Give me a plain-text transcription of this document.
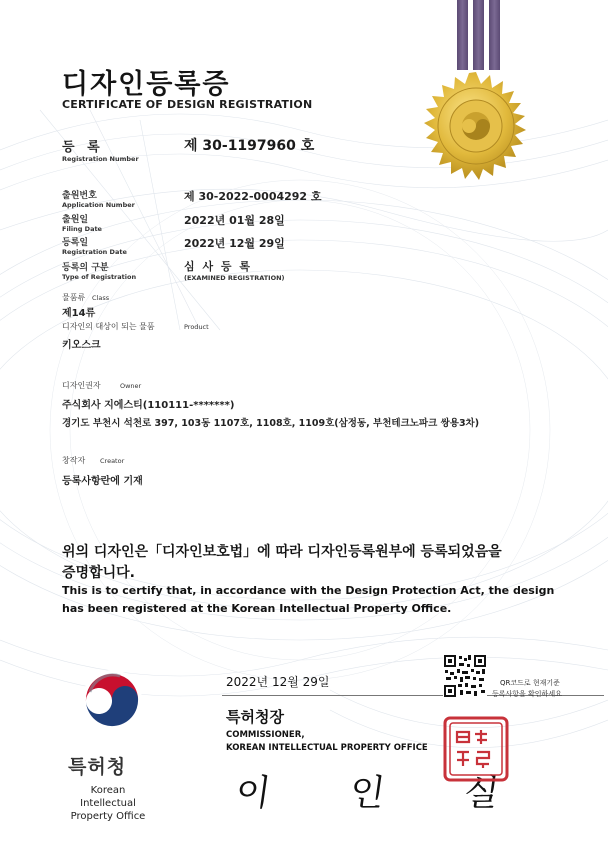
디자인등록증
CERTIFICATE OF DESIGN REGISTRATION
등 록
Registration Number
제 30-1197960 호
출원번호
Application Number
제 30-2022-0004292 호
출원일
Filing Date
2022년 01월 28일
등록일
Registration Date
2022년 12월 29일
등록의 구분
Type of Registration
심 사 등 록
(EXAMINED REGISTRATION)
물품류 Class
제14류
디자인의 대상이 되는 물품	Product
키오스크
디자인권자	Owner
주식회사 지에스티(110111-*******)
경기도 부천시 석천로 397, 103동 1107호, 1108호, 1109호(삼정동, 부천테크노파크 쌍용3차)
창작자 Creator
등록사항란에 기재
위의 디자인은「디자인보호법」에 따라 디자인등록원부에 등록되었음을
증명합니다.
This is to certify that, in accordance with the Design Protection Act, the design
has been registered at the Korean Intellectual Property Office.
특허청
Korean Intellectual Property Office
2022년 12월 29일
특허청장
COMMISSIONER,
KOREAN INTELLECTUAL PROPERTY OFFICE
이 인 실
QR코드로 현재기준
등록사항을 확인하세요
